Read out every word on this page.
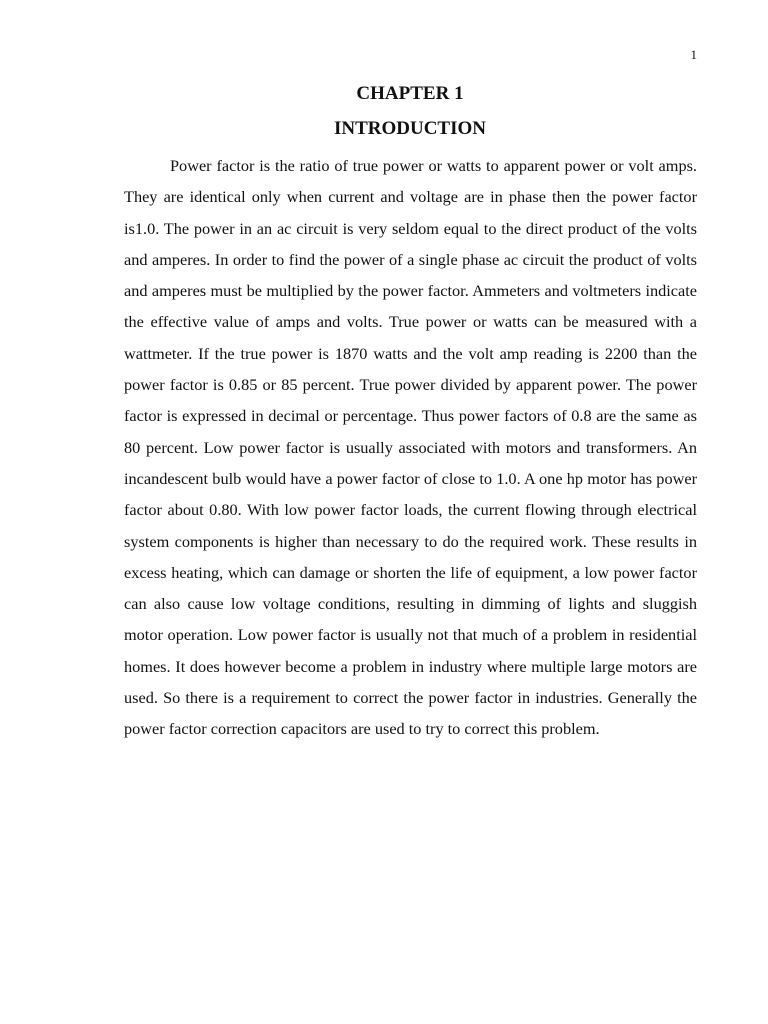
1
CHAPTER 1
INTRODUCTION

Power factor is the ratio of true power or watts to apparent power or volt amps. They are identical only when current and voltage are in phase then the power factor is1.0. The power in an ac circuit is very seldom equal to the direct product of the volts and amperes. In order to find the power of a single phase ac circuit the product of volts and amperes must be multiplied by the power factor. Ammeters and voltmeters indicate the effective value of amps and volts. True power or watts can be measured with a wattmeter. If the true power is 1870 watts and the volt amp reading is 2200 than the power factor is 0.85 or 85 percent. True power divided by apparent power. The power factor is expressed in decimal or percentage. Thus power factors of 0.8 are the same as 80 percent. Low power factor is usually associated with motors and transformers. An incandescent bulb would have a power factor of close to 1.0. A one hp motor has power factor about 0.80. With low power factor loads, the current flowing through electrical system components is higher than necessary to do the required work. These results in excess heating, which can damage or shorten the life of equipment, a low power factor can also cause low voltage conditions, resulting in dimming of lights and sluggish motor operation. Low power factor is usually not that much of a problem in residential homes. It does however become a problem in industry where multiple large motors are used. So there is a requirement to correct the power factor in industries. Generally the power factor correction capacitors are used to try to correct this problem.
